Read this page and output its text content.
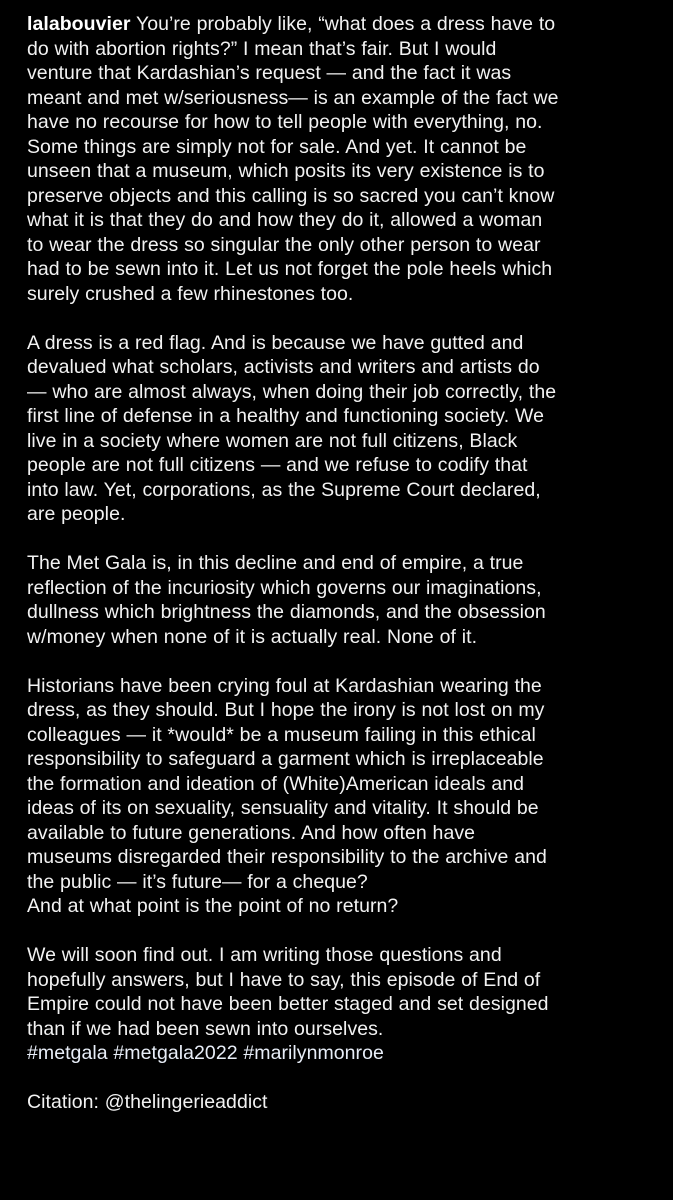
lalabouvier You’re probably like, “what does a dress have to
do with abortion rights?” I mean that’s fair. But I would
venture that Kardashian’s request — and the fact it was
meant and met w/seriousness— is an example of the fact we
have no recourse for how to tell people with everything, no.
Some things are simply not for sale. And yet. It cannot be
unseen that a museum, which posits its very existence is to
preserve objects and this calling is so sacred you can’t know
what it is that they do and how they do it, allowed a woman
to wear the dress so singular the only other person to wear
had to be sewn into it. Let us not forget the pole heels which
surely crushed a few rhinestones too.
A dress is a red flag. And is because we have gutted and
devalued what scholars, activists and writers and artists do
— who are almost always, when doing their job correctly, the
first line of defense in a healthy and functioning society. We
live in a society where women are not full citizens, Black
people are not full citizens — and we refuse to codify that
into law. Yet, corporations, as the Supreme Court declared,
are people.
The Met Gala is, in this decline and end of empire, a true
reflection of the incuriosity which governs our imaginations,
dullness which brightness the diamonds, and the obsession
w/money when none of it is actually real. None of it.
Historians have been crying foul at Kardashian wearing the
dress, as they should. But I hope the irony is not lost on my
colleagues — it *would* be a museum failing in this ethical
responsibility to safeguard a garment which is irreplaceable
the formation and ideation of (White)American ideals and
ideas of its on sexuality, sensuality and vitality. It should be
available to future generations. And how often have
museums disregarded their responsibility to the archive and
the public — it’s future— for a cheque?
And at what point is the point of no return?
We will soon find out. I am writing those questions and
hopefully answers, but I have to say, this episode of End of
Empire could not have been better staged and set designed
than if we had been sewn into ourselves.
#metgala #metgala2022 #marilynmonroe
Citation: @thelingerieaddict
